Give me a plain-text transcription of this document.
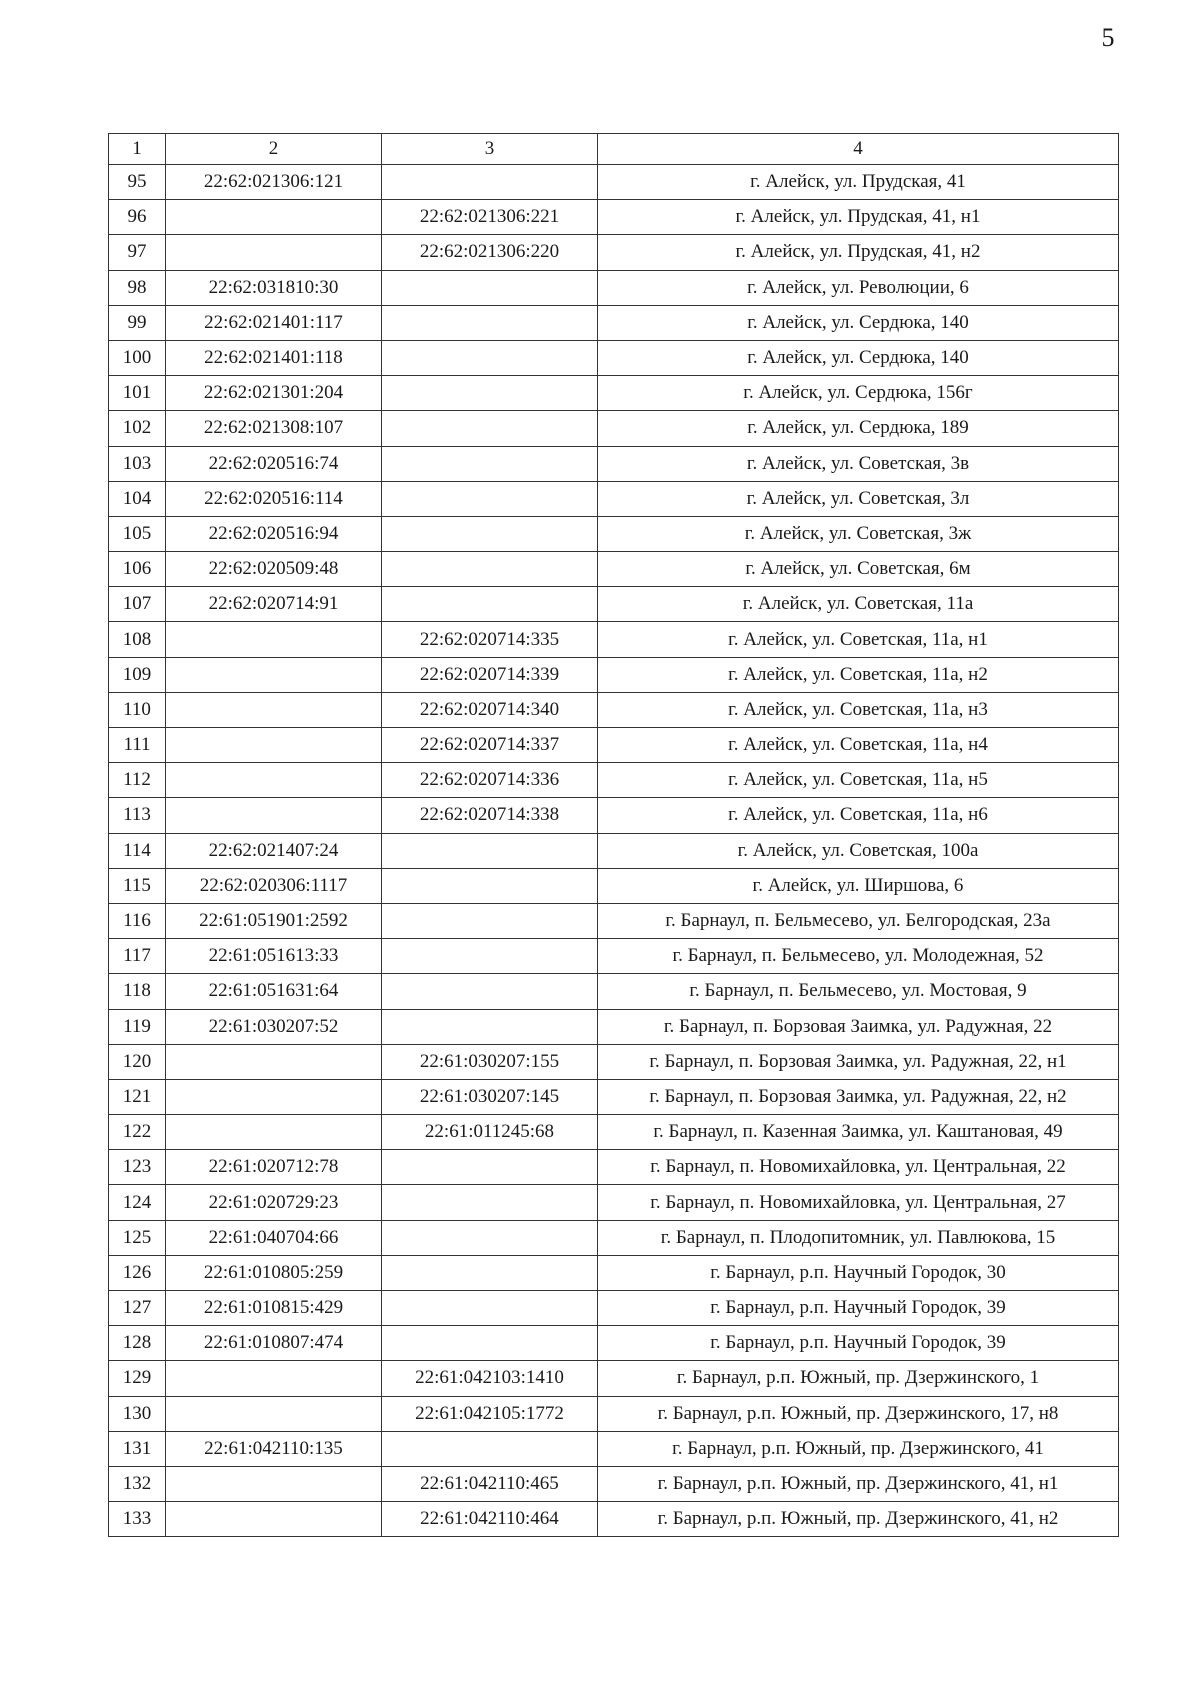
5
1	2	3	4
95	22:62:021306:121		г. Алейск, ул. Прудская, 41
96		22:62:021306:221	г. Алейск, ул. Прудская, 41, н1
97		22:62:021306:220	г. Алейск, ул. Прудская, 41, н2
98	22:62:031810:30		г. Алейск, ул. Революции, 6
99	22:62:021401:117		г. Алейск, ул. Сердюка, 140
100	22:62:021401:118		г. Алейск, ул. Сердюка, 140
101	22:62:021301:204		г. Алейск, ул. Сердюка, 156г
102	22:62:021308:107		г. Алейск, ул. Сердюка, 189
103	22:62:020516:74		г. Алейск, ул. Советская, 3в
104	22:62:020516:114		г. Алейск, ул. Советская, 3л
105	22:62:020516:94		г. Алейск, ул. Советская, 3ж
106	22:62:020509:48		г. Алейск, ул. Советская, 6м
107	22:62:020714:91		г. Алейск, ул. Советская, 11а
108		22:62:020714:335	г. Алейск, ул. Советская, 11а, н1
109		22:62:020714:339	г. Алейск, ул. Советская, 11а, н2
110		22:62:020714:340	г. Алейск, ул. Советская, 11а, н3
111		22:62:020714:337	г. Алейск, ул. Советская, 11а, н4
112		22:62:020714:336	г. Алейск, ул. Советская, 11а, н5
113		22:62:020714:338	г. Алейск, ул. Советская, 11а, н6
114	22:62:021407:24		г. Алейск, ул. Советская, 100а
115	22:62:020306:1117		г. Алейск, ул. Ширшова, 6
116	22:61:051901:2592		г. Барнаул, п. Бельмесево, ул. Белгородская, 23а
117	22:61:051613:33		г. Барнаул, п. Бельмесево, ул. Молодежная, 52
118	22:61:051631:64		г. Барнаул, п. Бельмесево, ул. Мостовая, 9
119	22:61:030207:52		г. Барнаул, п. Борзовая Заимка, ул. Радужная, 22
120		22:61:030207:155	г. Барнаул, п. Борзовая Заимка, ул. Радужная, 22, н1
121		22:61:030207:145	г. Барнаул, п. Борзовая Заимка, ул. Радужная, 22, н2
122		22:61:011245:68	г. Барнаул, п. Казенная Заимка, ул. Каштановая, 49
123	22:61:020712:78		г. Барнаул, п. Новомихайловка, ул. Центральная, 22
124	22:61:020729:23		г. Барнаул, п. Новомихайловка, ул. Центральная, 27
125	22:61:040704:66		г. Барнаул, п. Плодопитомник, ул. Павлюкова, 15
126	22:61:010805:259		г. Барнаул, р.п. Научный Городок, 30
127	22:61:010815:429		г. Барнаул, р.п. Научный Городок, 39
128	22:61:010807:474		г. Барнаул, р.п. Научный Городок, 39
129		22:61:042103:1410	г. Барнаул, р.п. Южный, пр. Дзержинского, 1
130		22:61:042105:1772	г. Барнаул, р.п. Южный, пр. Дзержинского, 17, н8
131	22:61:042110:135		г. Барнаул, р.п. Южный, пр. Дзержинского, 41
132		22:61:042110:465	г. Барнаул, р.п. Южный, пр. Дзержинского, 41, н1
133		22:61:042110:464	г. Барнаул, р.п. Южный, пр. Дзержинского, 41, н2
